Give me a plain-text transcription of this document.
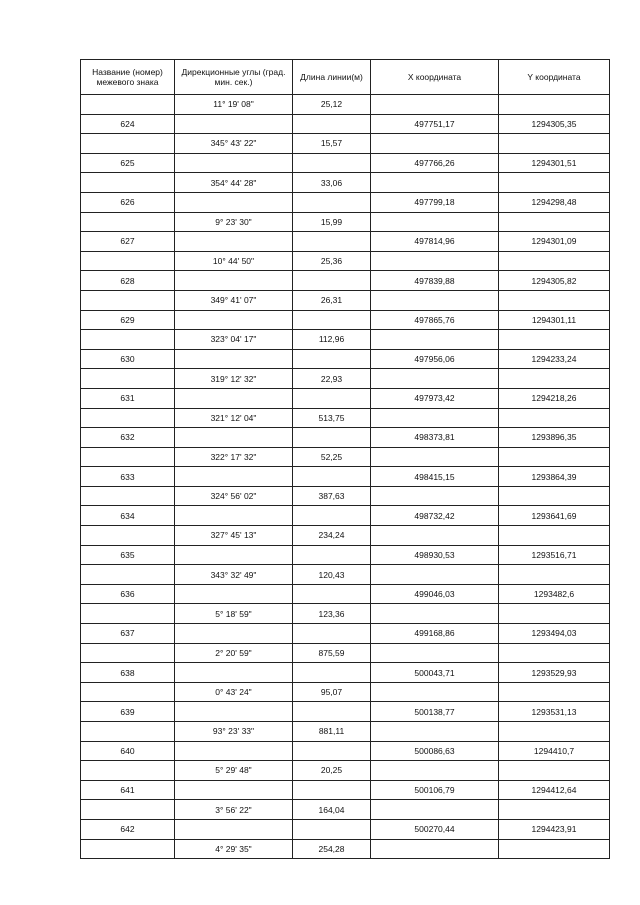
Название (номер) межевого знака	Дирекционные углы (град. мин. сек.)	Длина линии(м)	X координата	Y координата
	11° 19' 08"	25,12		
624			497751,17	1294305,35
	345° 43' 22"	15,57		
625			497766,26	1294301,51
	354° 44' 28"	33,06		
626			497799,18	1294298,48
	9° 23' 30"	15,99		
627			497814,96	1294301,09
	10° 44' 50"	25,36		
628			497839,88	1294305,82
	349° 41' 07"	26,31		
629			497865,76	1294301,11
	323° 04' 17"	112,96		
630			497956,06	1294233,24
	319° 12' 32"	22,93		
631			497973,42	1294218,26
	321° 12' 04"	513,75		
632			498373,81	1293896,35
	322° 17' 32"	52,25		
633			498415,15	1293864,39
	324° 56' 02"	387,63		
634			498732,42	1293641,69
	327° 45' 13"	234,24		
635			498930,53	1293516,71
	343° 32' 49"	120,43		
636			499046,03	1293482,6
	5° 18' 59"	123,36		
637			499168,86	1293494,03
	2° 20' 59"	875,59		
638			500043,71	1293529,93
	0° 43' 24"	95,07		
639			500138,77	1293531,13
	93° 23' 33"	881,11		
640			500086,63	1294410,7
	5° 29' 48"	20,25		
641			500106,79	1294412,64
	3° 56' 22"	164,04		
642			500270,44	1294423,91
	4° 29' 35"	254,28		
